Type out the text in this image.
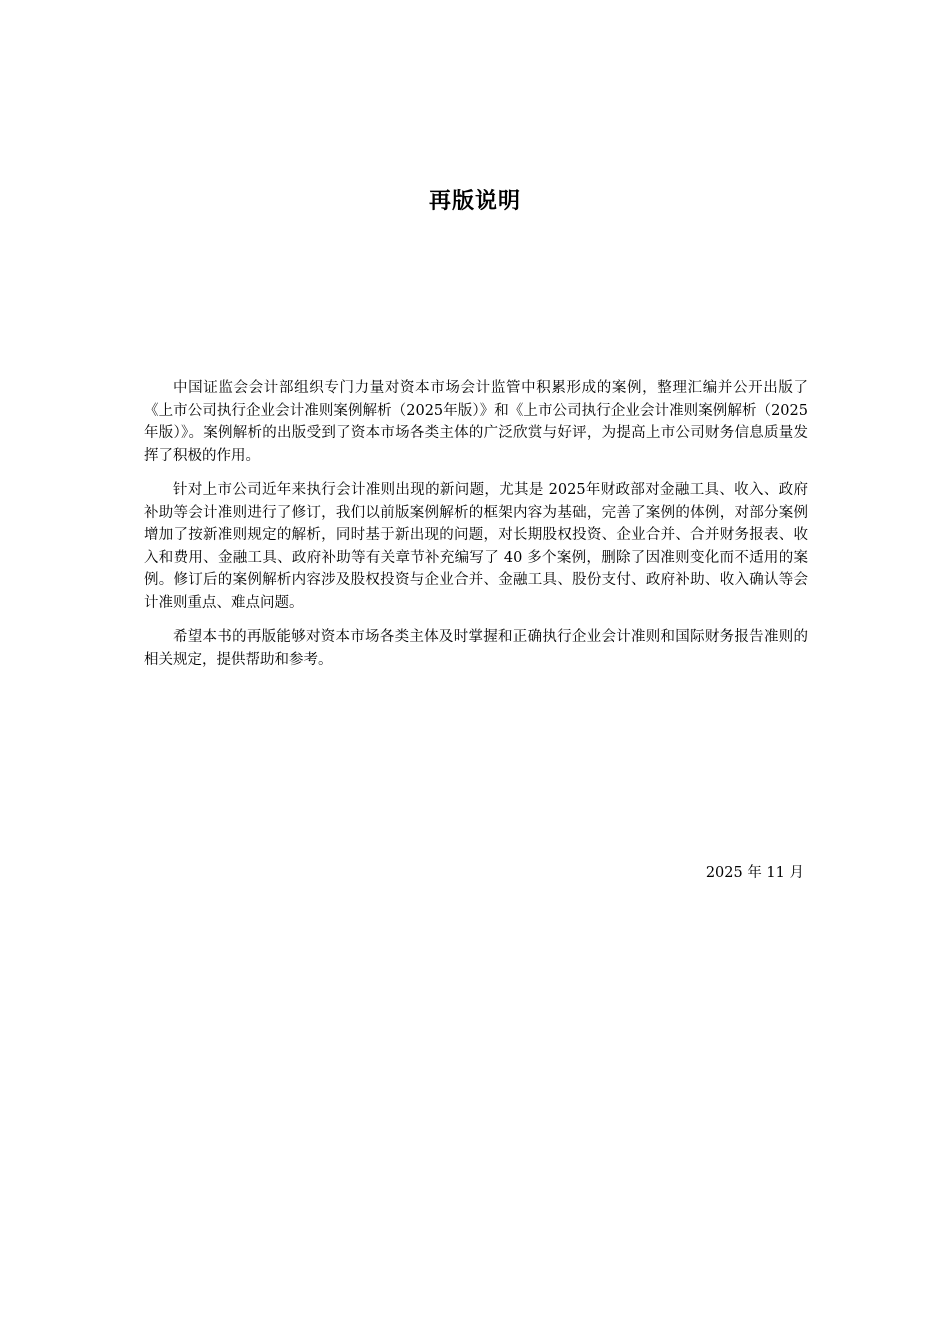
再版说明

中国证监会会计部组织专门力量对资本市场会计监管中积累形成的案例，整理汇编并公开出版了《上市公司执行企业会计准则案例解析（2025年版）》和《上市公司执行企业会计准则案例解析（2025年版）》。案例解析的出版受到了资本市场各类主体的广泛欣赏与好评，为提高上市公司财务信息质量发挥了积极的作用。

针对上市公司近年来执行会计准则出现的新问题，尤其是 2025年财政部对金融工具、收入、政府补助等会计准则进行了修订，我们以前版案例解析的框架内容为基础，完善了案例的体例，对部分案例增加了按新准则规定的解析，同时基于新出现的问题，对长期股权投资、企业合并、合并财务报表、收入和费用、金融工具、政府补助等有关章节补充编写了 40 多个案例，删除了因准则变化而不适用的案例。修订后的案例解析内容涉及股权投资与企业合并、金融工具、股份支付、政府补助、收入确认等会计准则重点、难点问题。

希望本书的再版能够对资本市场各类主体及时掌握和正确执行企业会计准则和国际财务报告准则的相关规定，提供帮助和参考。

2025 年 11 月
